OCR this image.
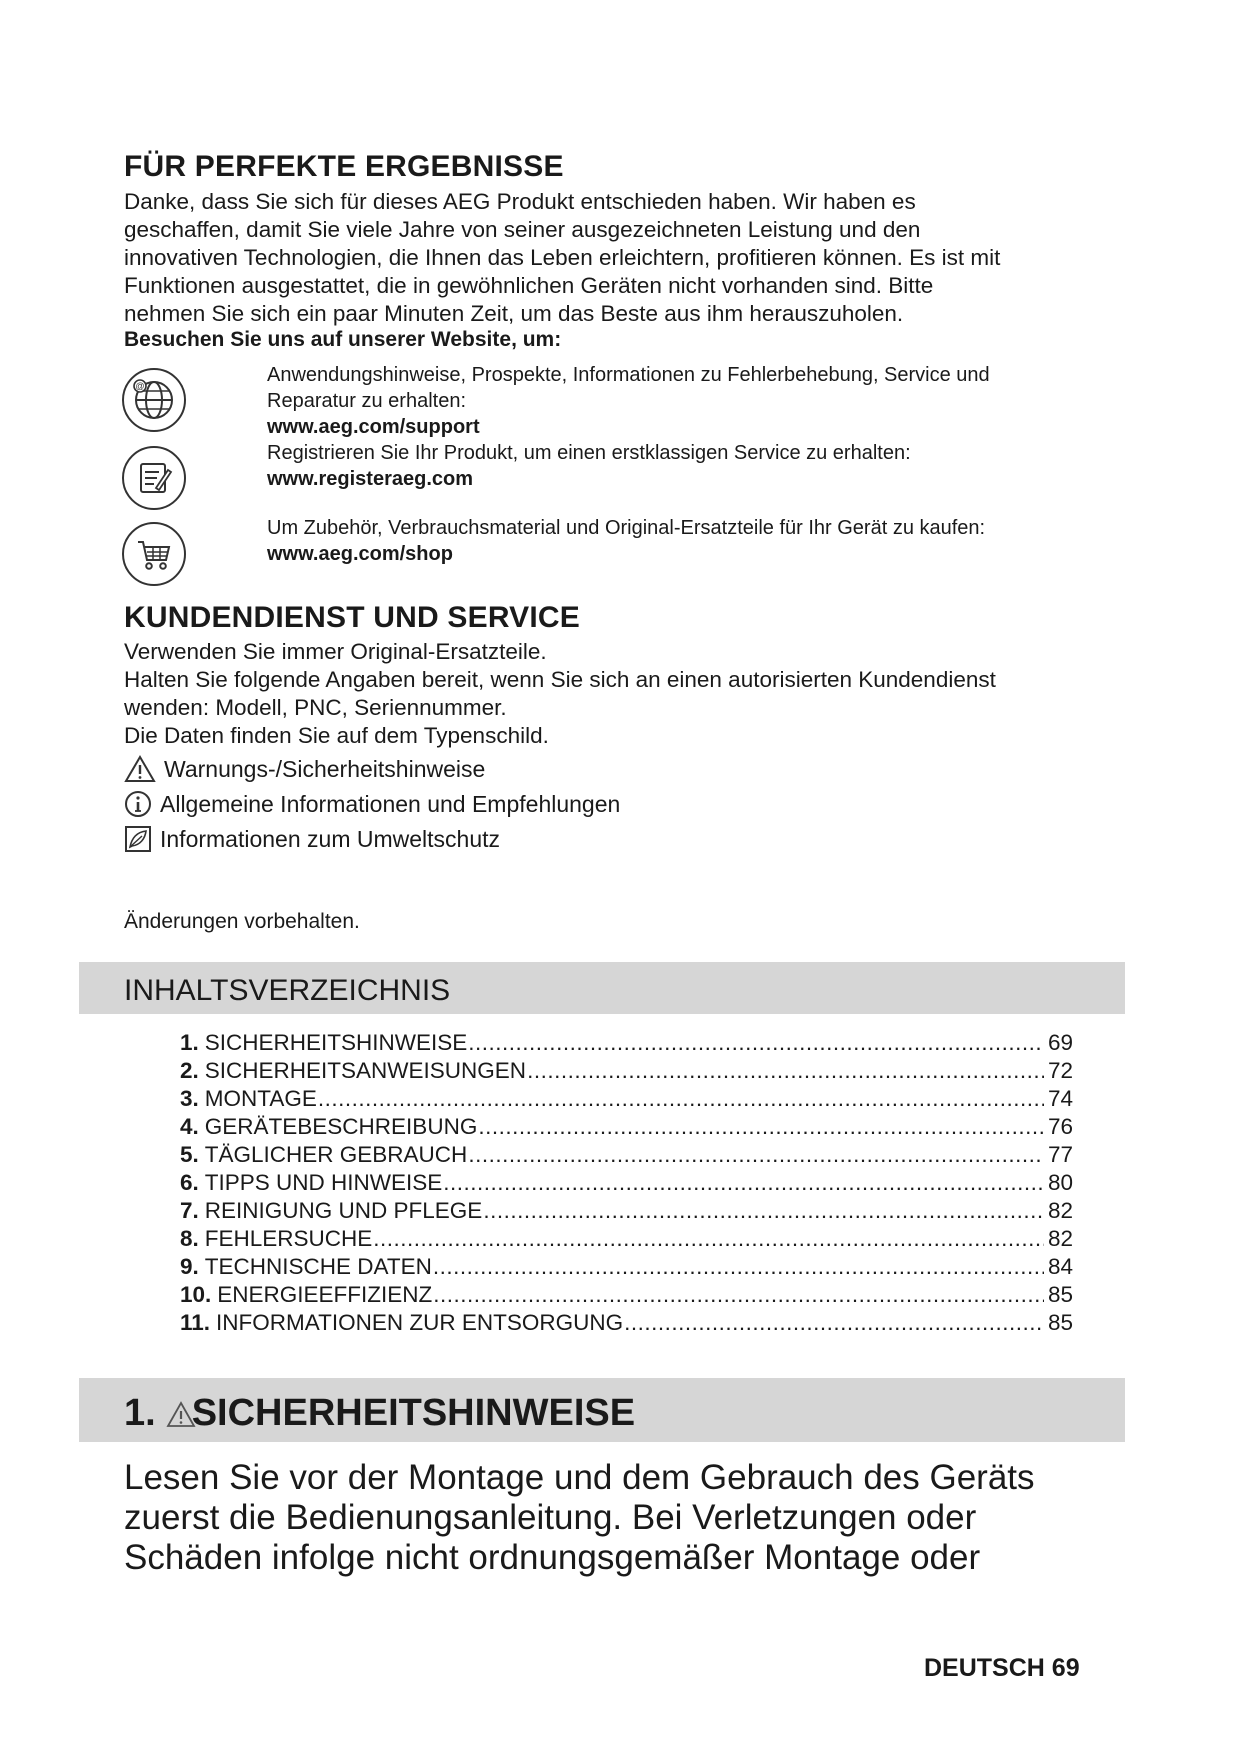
FÜR PERFEKTE ERGEBNISSE
Danke, dass Sie sich für dieses AEG Produkt entschieden haben. Wir haben es
geschaffen, damit Sie viele Jahre von seiner ausgezeichneten Leistung und den
innovativen Technologien, die Ihnen das Leben erleichtern, profitieren können. Es ist mit
Funktionen ausgestattet, die in gewöhnlichen Geräten nicht vorhanden sind. Bitte
nehmen Sie sich ein paar Minuten Zeit, um das Beste aus ihm herauszuholen.
Besuchen Sie uns auf unserer Website, um:
@	Anwendungshinweise, Prospekte, Informationen zu Fehlerbehebung, Service und
Reparatur zu erhalten:
www.aeg.com/support
Registrieren Sie Ihr Produkt, um einen erstklassigen Service zu erhalten:
www.registeraeg.com
Um Zubehör, Verbrauchsmaterial und Original-Ersatzteile für Ihr Gerät zu kaufen:
www.aeg.com/shop
KUNDENDIENST UND SERVICE
Verwenden Sie immer Original-Ersatzteile.
Halten Sie folgende Angaben bereit, wenn Sie sich an einen autorisierten Kundendienst
wenden: Modell, PNC, Seriennummer.
Die Daten finden Sie auf dem Typenschild.
Warnungs-/Sicherheitshinweise
Allgemeine Informationen und Empfehlungen
Informationen zum Umweltschutz
Änderungen vorbehalten.
INHALTSVERZEICHNIS
1. SICHERHEITSHINWEISE .....	69
2. SICHERHEITSANWEISUNGEN .....	72
3. MONTAGE .....	74
4. GERÄTEBESCHREIBUNG .....	76
5. TÄGLICHER GEBRAUCH .....	77
6. TIPPS UND HINWEISE .....	80
7. REINIGUNG UND PFLEGE .....	82
8. FEHLERSUCHE .....	82
9. TECHNISCHE DATEN .....	84
10. ENERGIEEFFIZIENZ .....	85
11. INFORMATIONEN ZUR ENTSORGUNG .....	85
1. SICHERHEITSHINWEISE
Lesen Sie vor der Montage und dem Gebrauch des Geräts
zuerst die Bedienungsanleitung. Bei Verletzungen oder
Schäden infolge nicht ordnungsgemäßer Montage oder
DEUTSCH 69
